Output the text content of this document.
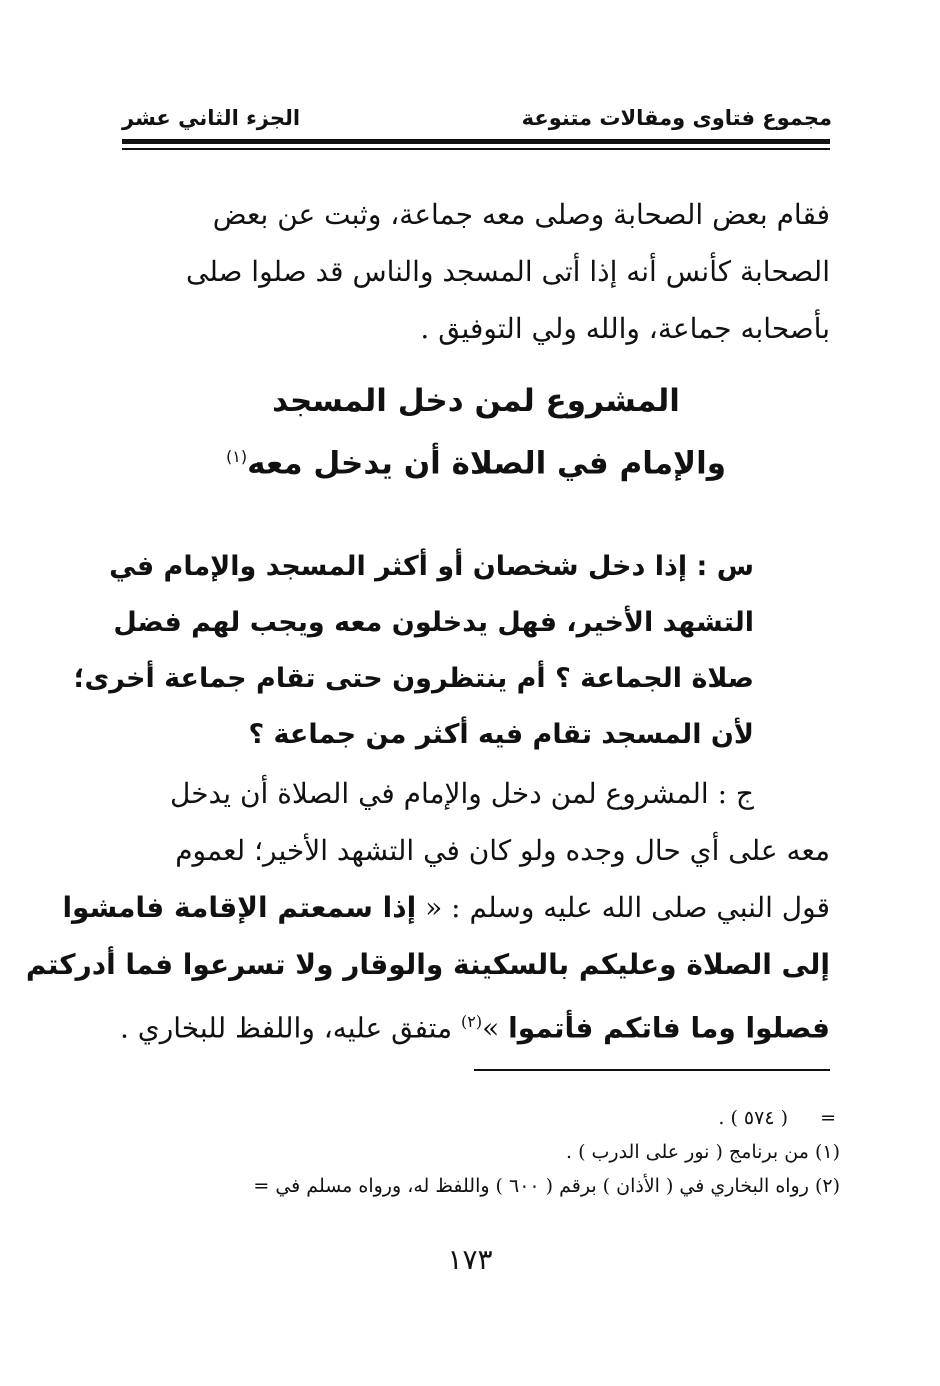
مجموع فتاوى ومقالات متنوعة
الجزء الثاني عشر
فقام بعض الصحابة وصلى معه جماعة، وثبت عن بعض
الصحابة كأنس أنه إذا أتى المسجد والناس قد صلوا صلى
بأصحابه جماعة، والله ولي التوفيق .
المشروع لمن دخل المسجد
والإمام في الصلاة أن يدخل معه$^{(١)}$
س : إذا دخل شخصان أو أكثر المسجد والإمام في
التشهد الأخير، فهل يدخلون معه ويجب لهم فضل
صلاة الجماعة ؟ أم ينتظرون حتى تقام جماعة أخرى؛
لأن المسجد تقام فيه أكثر من جماعة ؟
ج : المشروع لمن دخل والإمام في الصلاة أن يدخل
معه على أي حال وجده ولو كان في التشهد الأخير؛ لعموم
قول النبي صلى الله عليه وسلم : « إذا سمعتم الإقامة فامشوا
إلى الصلاة وعليكم بالسكينة والوقار ولا تسرعوا فما أدركتم
فصلوا وما فاتكم فأتموا »$^{(٢)}$ متفق عليه، واللفظ للبخاري .
=
( ٥٧٤ ) .
(١) من برنامج ( نور على الدرب ) .
(٢) رواه البخاري في ( الأذان ) برقم ( ٦٠٠ ) واللفظ له، ورواه مسلم في =
١٧٣
